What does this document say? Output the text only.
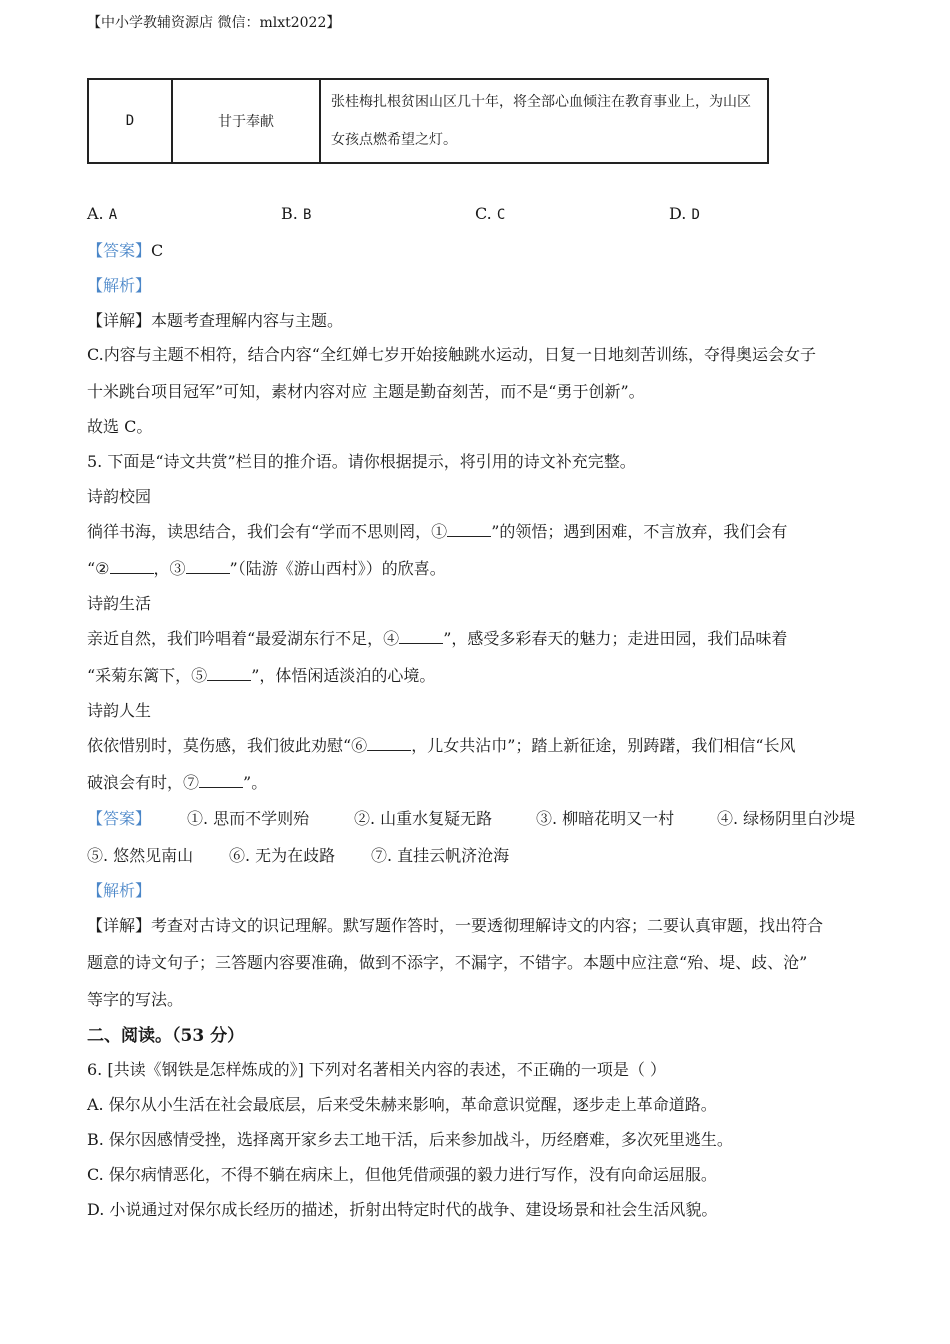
【中小学教辅资源店 微信：mlxt2022】
D	甘于奉献	张桂梅扎根贫困山区几十年，将全部心血倾注在教育事业上，为山区女孩点燃希望之灯。
A. A	B. B	C. C	D. D
【答案】C
【解析】
【详解】本题考查理解内容与主题。
C.内容与主题不相符，结合内容“全红婵七岁开始接触跳水运动，日复一日地刻苦训练，夺得奥运会女子
十米跳台项目冠军”可知，素材内容对应 主题是勤奋刻苦，而不是“勇于创新”。
故选 C。
5. 下面是“诗文共赏”栏目的推介语。请你根据提示，将引用的诗文补充完整。
诗韵校园
徜徉书海，读思结合，我们会有“学而不思则罔，①	”的领悟；遇到困难，不言放弃，我们会有
“②	，③	”（陆游《游山西村》）的欣喜。
诗韵生活
亲近自然，我们吟唱着“最爱湖东行不足，④	”，感受多彩春天的魅力；走进田园，我们品味着
“采菊东篱下，⑤	”，体悟闲适淡泊的心境。
诗韵人生
依依惜别时，莫伤感，我们彼此劝慰“⑥	，儿女共沾巾”；踏上新征途，别踌躇，我们相信“长风
破浪会有时，⑦	”。
【答案】 ①. 思而不学则殆	②. 山重水复疑无路	③. 柳暗花明又一村	④. 绿杨阴里白沙堤
⑤. 悠然见南山 ⑥. 无为在歧路 ⑦. 直挂云帆济沧海
【解析】
【详解】考查对古诗文的识记理解。默写题作答时，一要透彻理解诗文的内容；二要认真审题，找出符合
题意的诗文句子；三答题内容要准确，做到不添字，不漏字，不错字。本题中应注意“殆、堤、歧、沧”
等字的写法。
二、阅读。（53 分）
6. [共读《钢铁是怎样炼成的》] 下列对名著相关内容的表述，不正确的一项是（ ）
A. 保尔从小生活在社会最底层，后来受朱赫来影响，革命意识觉醒，逐步走上革命道路。
B. 保尔因感情受挫，选择离开家乡去工地干活，后来参加战斗，历经磨难，多次死里逃生。
C. 保尔病情恶化，不得不躺在病床上，但他凭借顽强的毅力进行写作，没有向命运屈服。
D. 小说通过对保尔成长经历的描述，折射出特定时代的战争、建设场景和社会生活风貌。
